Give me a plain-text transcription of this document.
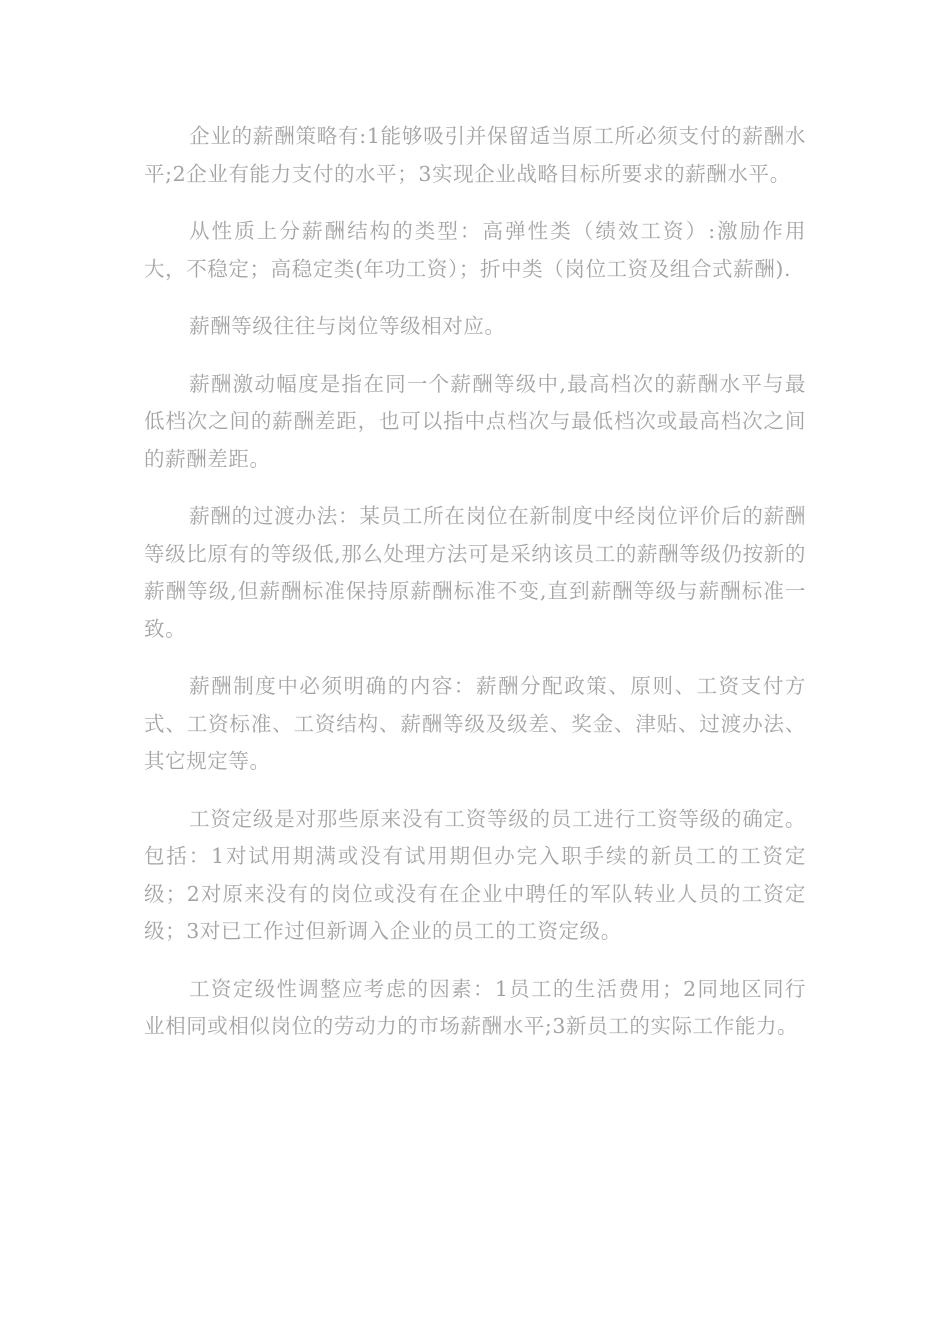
企业的薪酬策略有:1能够吸引并保留适当原工所必须支付的薪酬水平;2企业有能力支付的水平；3实现企业战略目标所要求的薪酬水平。

从性质上分薪酬结构的类型：高弹性类（绩效工资）:激励作用大，不稳定；高稳定类(年功工资）；折中类（岗位工资及组合式薪酬).

薪酬等级往往与岗位等级相对应。

薪酬激动幅度是指在同一个薪酬等级中,最高档次的薪酬水平与最低档次之间的薪酬差距，也可以指中点档次与最低档次或最高档次之间的薪酬差距。

薪酬的过渡办法：某员工所在岗位在新制度中经岗位评价后的薪酬等级比原有的等级低,那么处理方法可是采纳该员工的薪酬等级仍按新的薪酬等级,但薪酬标准保持原薪酬标准不变,直到薪酬等级与薪酬标准一致。

薪酬制度中必须明确的内容：薪酬分配政策、原则、工资支付方式、工资标准、工资结构、薪酬等级及级差、奖金、津贴、过渡办法、其它规定等。

工资定级是对那些原来没有工资等级的员工进行工资等级的确定。包括：1对试用期满或没有试用期但办完入职手续的新员工的工资定级；2对原来没有的岗位或没有在企业中聘任的军队转业人员的工资定级；3对已工作过但新调入企业的员工的工资定级。

工资定级性调整应考虑的因素：1员工的生活费用；2同地区同行业相同或相似岗位的劳动力的市场薪酬水平;3新员工的实际工作能力。
